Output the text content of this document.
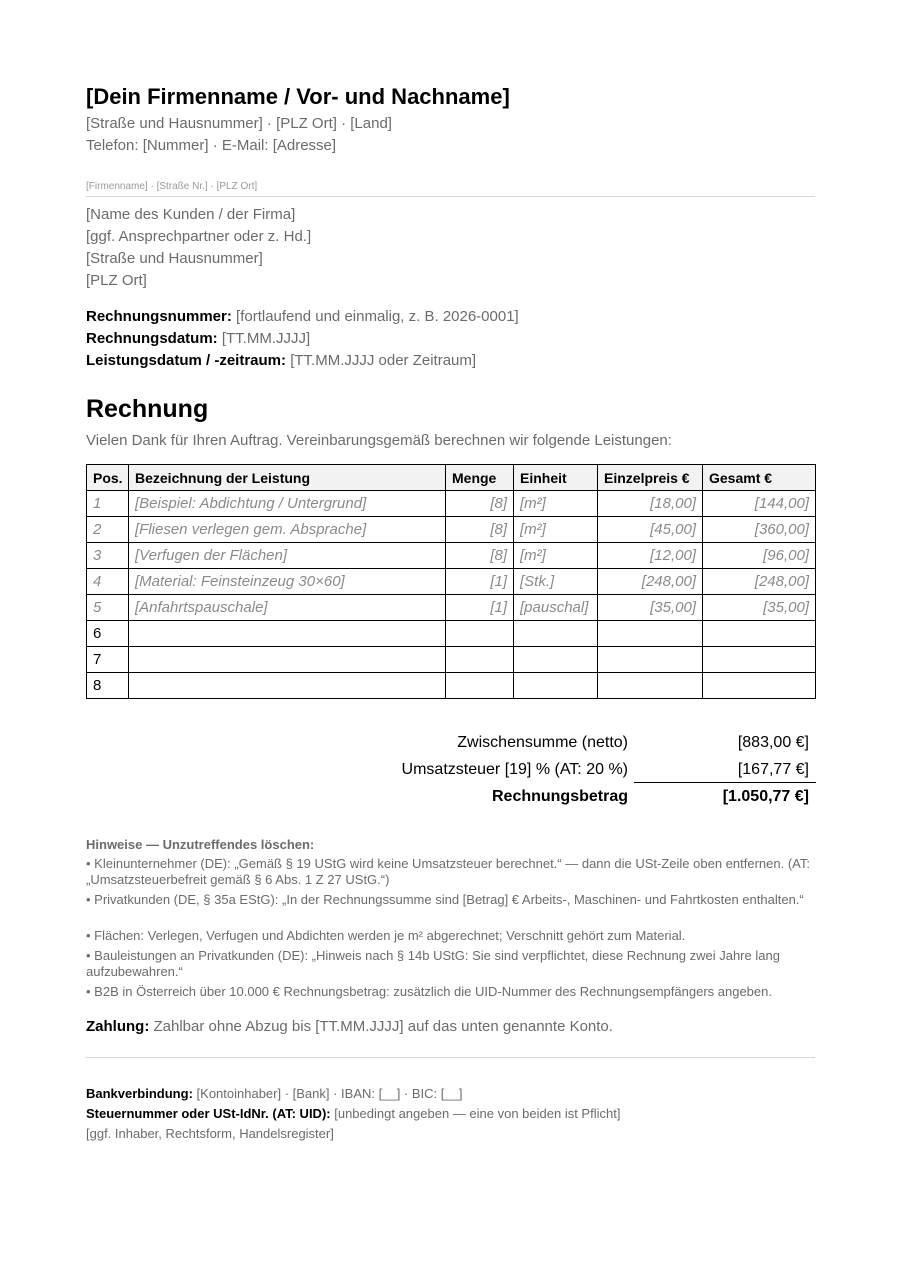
[Dein Firmenname / Vor- und Nachname]
[Straße und Hausnummer] · [PLZ Ort] · [Land]
Telefon: [Nummer] · E-Mail: [Adresse]
[Firmenname] · [Straße Nr.] · [PLZ Ort]
[Name des Kunden / der Firma]
[ggf. Ansprechpartner oder z. Hd.]
[Straße und Hausnummer]
[PLZ Ort]
Rechnungsnummer: [fortlaufend und einmalig, z. B. 2026-0001]
Rechnungsdatum: [TT.MM.JJJJ]
Leistungsdatum / -zeitraum: [TT.MM.JJJJ oder Zeitraum]
Rechnung
Vielen Dank für Ihren Auftrag. Vereinbarungsgemäß berechnen wir folgende Leistungen:
Pos.	Bezeichnung der Leistung	Menge	Einheit	Einzelpreis €	Gesamt €
1	[Beispiel: Abdichtung / Untergrund]	[8]	[m²]	[18,00]	[144,00]
2	[Fliesen verlegen gem. Absprache]	[8]	[m²]	[45,00]	[360,00]
3	[Verfugen der Flächen]	[8]	[m²]	[12,00]	[96,00]
4	[Material: Feinsteinzeug 30×60]	[1]	[Stk.]	[248,00]	[248,00]
5	[Anfahrtspauschale]	[1]	[pauschal]	[35,00]	[35,00]
6					
7					
8					
Zwischensumme (netto)	[883,00 €]
Umsatzsteuer [19] % (AT: 20 %)	[167,77 €]
Rechnungsbetrag	[1.050,77 €]
Hinweise — Unzutreffendes löschen:
• Kleinunternehmer (DE): „Gemäß § 19 UStG wird keine Umsatzsteuer berechnet.“ — dann die USt-Zeile oben entfernen. (AT: „Umsatzsteuerbefreit gemäß § 6 Abs. 1 Z 27 UStG.“)
• Privatkunden (DE, § 35a EStG): „In der Rechnungssumme sind [Betrag] € Arbeits-, Maschinen- und Fahrtkosten enthalten.“
• Flächen: Verlegen, Verfugen und Abdichten werden je m² abgerechnet; Verschnitt gehört zum Material.
• Bauleistungen an Privatkunden (DE): „Hinweis nach § 14b UStG: Sie sind verpflichtet, diese Rechnung zwei Jahre lang aufzubewahren.“
• B2B in Österreich über 10.000 € Rechnungsbetrag: zusätzlich die UID-Nummer des Rechnungsempfängers angeben.
Zahlung: Zahlbar ohne Abzug bis [TT.MM.JJJJ] auf das unten genannte Konto.
Bankverbindung: [Kontoinhaber] · [Bank] · IBAN: [__] · BIC: [__]
Steuernummer oder USt-IdNr. (AT: UID): [unbedingt angeben — eine von beiden ist Pflicht]
[ggf. Inhaber, Rechtsform, Handelsregister]
